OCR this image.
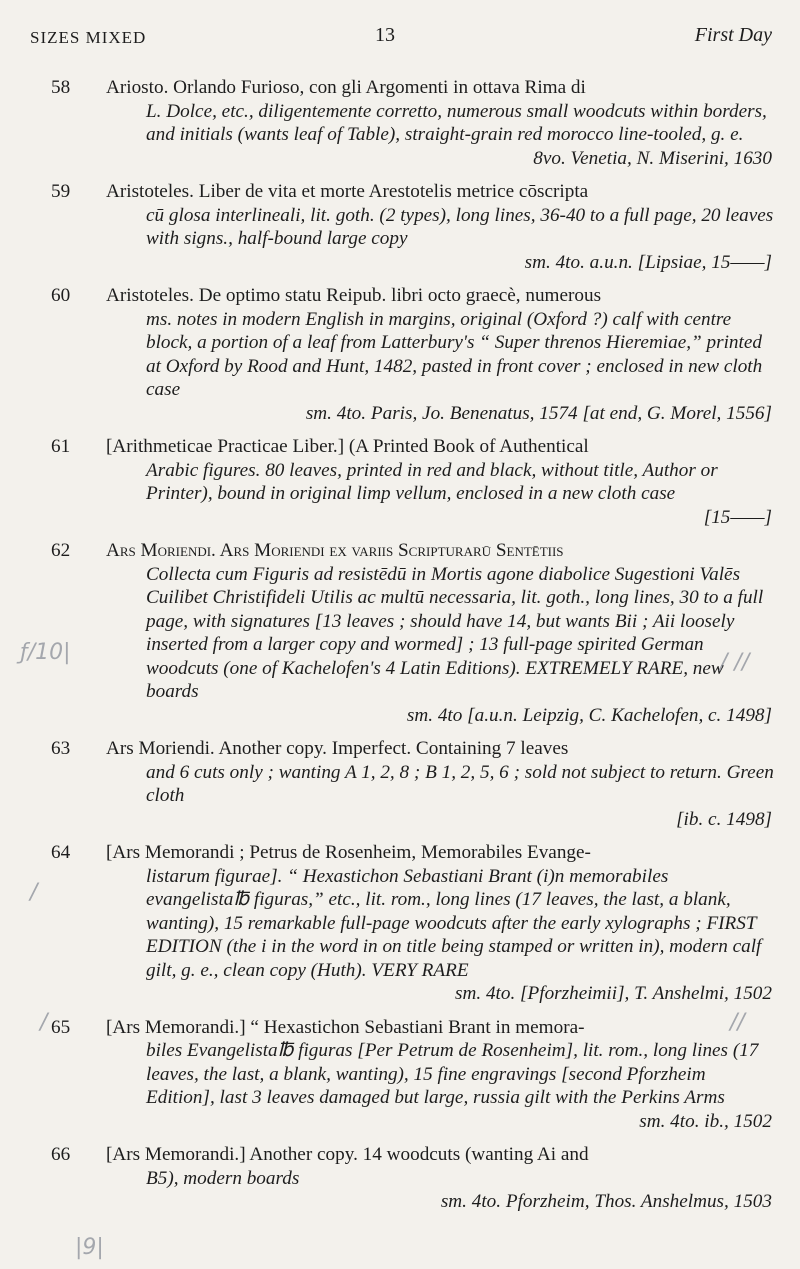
SIZES MIXED	13	First Day
58	Ariosto. Orlando Furioso, con gli Argomenti in ottava Rima di
L. Dolce, etc., diligentemente corretto, numerous small woodcuts within borders, and initials (wants leaf of Table), straight-grain red morocco line-tooled, g. e.
8vo. Venetia, N. Miserini, 1630
59	Aristoteles. Liber de vita et morte Arestotelis metrice cōscripta
cū glosa interlineali, lit. goth. (2 types), long lines, 36-40 to a full page, 20 leaves with signs., half-bound large copy
sm. 4to. a.u.n. [Lipsiae, 15——]
60	Aristoteles. De optimo statu Reipub. libri octo graecè, numerous
ms. notes in modern English in margins, original (Oxford ?) calf with centre block, a portion of a leaf from Latterbury's “ Super threnos Hieremiae,” printed at Oxford by Rood and Hunt, 1482, pasted in front cover ; enclosed in new cloth case
sm. 4to. Paris, Jo. Benenatus, 1574 [at end, G. Morel, 1556]
61	[Arithmeticae Practicae Liber.] (A Printed Book of Authentical
Arabic figures. 80 leaves, printed in red and black, without title, Author or Printer), bound in original limp vellum, enclosed in a new cloth case
[15——]
62	Ars Moriendi. Ars Moriendi ex variis Scripturarū Sentētiis
Collecta cum Figuris ad resistēdū in Mortis agone diabolice Sugestioni Valēs Cuilibet Christifideli Utilis ac multū necessaria, lit. goth., long lines, 30 to a full page, with signatures [13 leaves ; should have 14, but wants Bii ; Aii loosely inserted from a larger copy and wormed] ; 13 full-page spirited German woodcuts (one of Kachelofen's 4 Latin Editions). EXTREMELY RARE, new boards
sm. 4to [a.u.n. Leipzig, C. Kachelofen, c. 1498]
63	Ars Moriendi. Another copy. Imperfect. Containing 7 leaves
and 6 cuts only ; wanting A 1, 2, 8 ; B 1, 2, 5, 6 ; sold not subject to return. Green cloth
[ib. c. 1498]
64	[Ars Memorandi ; Petrus de Rosenheim, Memorabiles Evange-
listarum figurae]. “ Hexastichon Sebastiani Brant (i)n memorabiles evangelista℔ figuras,” etc., lit. rom., long lines (17 leaves, the last, a blank, wanting), 15 remarkable full-page woodcuts after the early xylographs ; FIRST EDITION (the i in the word in on title being stamped or written in), modern calf gilt, g. e., clean copy (Huth). VERY RARE
sm. 4to. [Pforzheimii], T. Anshelmi, 1502
65	[Ars Memorandi.] “ Hexastichon Sebastiani Brant in memora-
biles Evangelista℔ figuras [Per Petrum de Rosenheim], lit. rom., long lines (17 leaves, the last, a blank, wanting), 15 fine engravings [second Pforzheim Edition], last 3 leaves damaged but large, russia gilt with the Perkins Arms
sm. 4to. ib., 1502
66	[Ars Memorandi.] Another copy. 14 woodcuts (wanting Ai and
B5), modern boards
sm. 4to. Pforzheim, Thos. Anshelmus, 1503
ƒ/10|	/ //
/
/	//
|9|
